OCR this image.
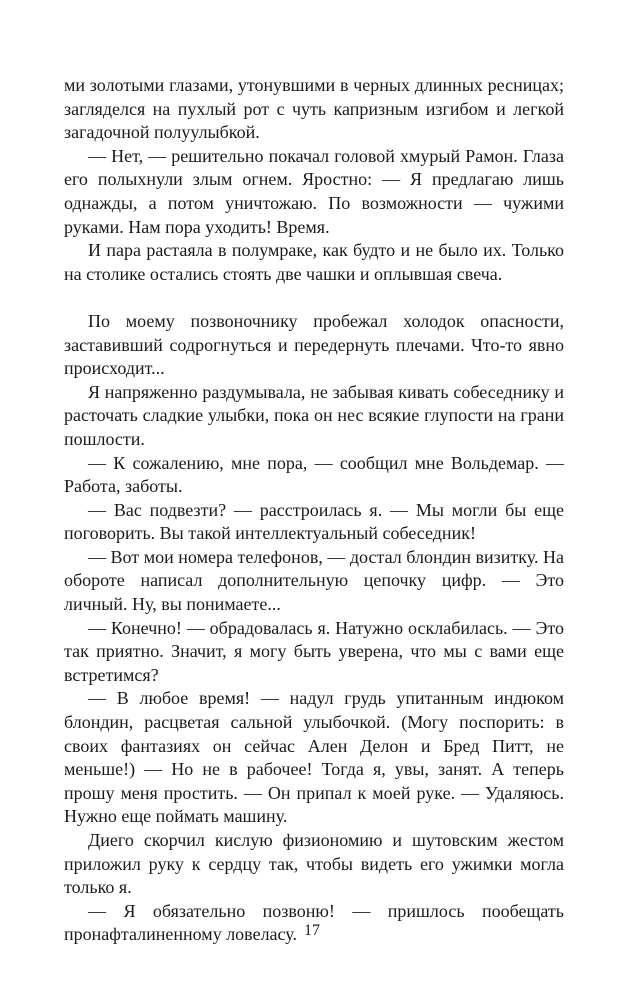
ми золотыми глазами, утонувшими в черных длинных ресницах; загляделся на пухлый рот с чуть капризным изгибом и легкой загадочной полуулыбкой.

— Нет, — решительно покачал головой хмурый Рамон. Глаза его полыхнули злым огнем. Яростно: — Я предлагаю лишь однажды, а потом уничтожаю. По возможности — чужими руками. Нам пора уходить! Время.

И пара растаяла в полумраке, как будто и не было их. Только на столике остались стоять две чашки и оплывшая свеча.

По моему позвоночнику пробежал холодок опасности, заставивший содрогнуться и передернуть плечами. Что-то явно происходит...

Я напряженно раздумывала, не забывая кивать собеседнику и расточать сладкие улыбки, пока он нес всякие глупости на грани пошлости.

— К сожалению, мне пора, — сообщил мне Вольдемар. — Работа, заботы.

— Вас подвезти? — расстроилась я. — Мы могли бы еще поговорить. Вы такой интеллектуальный собеседник!

— Вот мои номера телефонов, — достал блондин визитку. На обороте написал дополнительную цепочку цифр. — Это личный. Ну, вы понимаете...

— Конечно! — обрадовалась я. Натужно осклабилась. — Это так приятно. Значит, я могу быть уверена, что мы с вами еще встретимся?

— В любое время! — надул грудь упитанным индюком блондин, расцветая сальной улыбочкой. (Могу поспорить: в своих фантазиях он сейчас Ален Делон и Бред Питт, не меньше!) — Но не в рабочее! Тогда я, увы, занят. А теперь прошу меня простить. — Он припал к моей руке. — Удаляюсь. Нужно еще поймать машину.

Диего скорчил кислую физиономию и шутовским жестом приложил руку к сердцу так, чтобы видеть его ужимки могла только я.

— Я обязательно позвоню! — пришлось пообещать пронафталиненному ловеласу. 17
